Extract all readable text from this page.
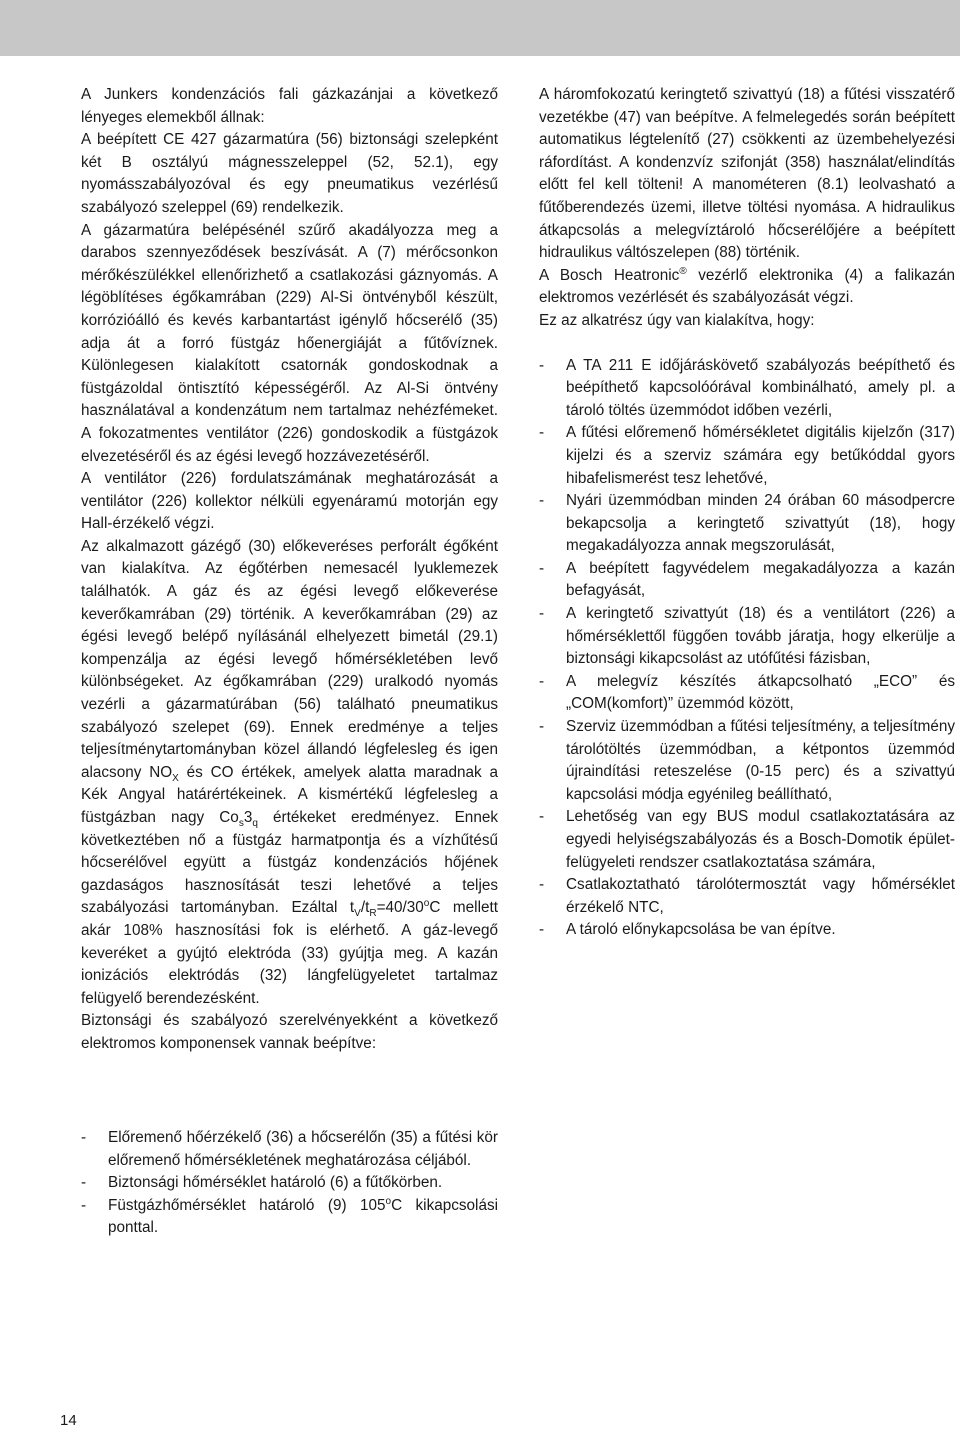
A Junkers kondenzációs fali gázkazánjai a következő lényeges elemekből állnak:

A beépített CE 427 gázarmatúra (56) biztonsági szelepként két B osztályú mágnesszeleppel (52, 52.1), egy nyomásszabályozóval és egy pneumatikus vezérlésű szabályozó szeleppel (69) rendelkezik.

A gázarmatúra belépésénél szűrő akadályozza meg a darabos szennyeződések beszívását. A (7) mérőcsonkon mérőkészülékkel ellenőrizhető a csatlakozási gáznyomás. A légöblítéses égőkamrában (229) Al-Si öntvényből készült, korrózióálló és kevés karbantartást igénylő hőcserélő (35) adja át a forró füstgáz hőenergiáját a fűtővíznek. Különlegesen kialakított csatornák gondoskodnak a füstgázoldal öntisztító képességéről. Az Al-Si öntvény használatával a kondenzátum nem tartalmaz nehézfémeket. A fokozatmentes ventilátor (226) gondoskodik a füstgázok elvezetéséről és az égési levegő hozzávezetéséről.

A ventilátor (226) fordulatszámának meghatározását a ventilátor (226) kollektor nélküli egyenáramú motorján egy Hall-érzékelő végzi.

Az alkalmazott gázégő (30) előkeveréses perforált égőként van kialakítva. Az égőtérben nemesacél lyuklemezek találhatók. A gáz és az égési levegő előkeverése keverőkamrában (29) történik. A keverőkamrában (29) az égési levegő belépő nyílásánál elhelyezett bimetál (29.1) kompenzálja az égési levegő hőmérsékletében levő különbségeket. Az égőkamrában (229) uralkodó nyomás vezérli a gázarmatúrában (56) található pneumatikus szabályozó szelepet (69). Ennek eredménye a teljes teljesítménytartományban közel állandó légfelesleg és igen alacsony $NO_X$ és CO értékek, amelyek alatta maradnak a Kék Angyal határértékeinek. A kismértékű légfelesleg a füstgázban nagy $Co_s3_q$ értékeket eredményez. Ennek következtében nő a füstgáz harmatpontja és a vízhűtésű hőcserélővel együtt a füstgáz kondenzációs hőjének gazdaságos hasznosítását teszi lehetővé a teljes szabályozási tartományban. Ezáltal $t_V/t_R=40/30^oC$ mellett akár 108% hasznosítási fok is elérhető. A gáz-levegő keveréket a gyújtó elektróda (33) gyújtja meg. A kazán ionizációs elektródás (32) lángfelügyeletet tartalmaz felügyelő berendezésként.

Biztonsági és szabályozó szerelvényekként a következő elektromos komponensek vannak beépítve:

- Előremenő hőérzékelő (36) a hőcserélőn (35) a fűtési kör előremenő hőmérsékletének meghatározása céljából.
- Biztonsági hőmérséklet határoló (6) a fűtőkörben.
- Füstgázhőmérséklet határoló (9) 105$^o$C kikapcsolási ponttal.

A háromfokozatú keringtető szivattyú (18) a fűtési visszatérő vezetékbe (47) van beépítve. A felmelegedés során beépített automatikus légtelenítő (27) csökkenti az üzembehelyezési ráfordítást. A kondenzvíz szifonját (358) használat/elindítás előtt fel kell tölteni! A manométeren (8.1) leolvasható a fűtőberendezés üzemi, illetve töltési nyomása. A hidraulikus átkapcsolás a melegvíztároló hőcserélőjére a beépített hidraulikus váltószelepen (88) történik.

A Bosch Heatronic® vezérlő elektronika (4) a falikazán elektromos vezérlését és szabályozását végzi.

Ez az alkatrész úgy van kialakítva, hogy:

- A TA 211 E időjáráskövető szabályozás beépíthető és beépíthető kapcsolóórával kombinálható, amely pl. a tároló töltés üzemmódot időben vezérli,
- A fűtési előremenő hőmérsékletet digitális kijelzőn (317) kijelzi és a szerviz számára egy betűkóddal gyors hibafelismerést tesz lehetővé,
- Nyári üzemmódban minden 24 órában 60 másodpercre bekapcsolja a keringtető szivattyút (18), hogy megakadályozza annak megszorulását,
- A beépített fagyvédelem megakadályozza a kazán befagyását,
- A keringtető szivattyút (18) és a ventilátort (226) a hőmérséklettől függően tovább járatja, hogy elkerülje a biztonsági kikapcsolást az utófűtési fázisban,
- A melegvíz készítés átkapcsolható „ECO” és „COM(komfort)” üzemmód között,
- Szerviz üzemmódban a fűtési teljesítmény, a teljesítmény tárolótöltés üzemmódban, a kétpontos üzemmód újraindítási reteszelése (0-15 perc) és a szivattyú kapcsolási módja egyénileg beállítható,
- Lehetőség van egy BUS modul csatlakoztatására az egyedi helyiségszabályozás és a Bosch-Domotik épület-felügyeleti rendszer csatlakoztatása számára,
- Csatlakoztatható tárolótermosztát vagy hőmérséklet érzékelő NTC,
- A tároló előnykapcsolása be van építve.
14
